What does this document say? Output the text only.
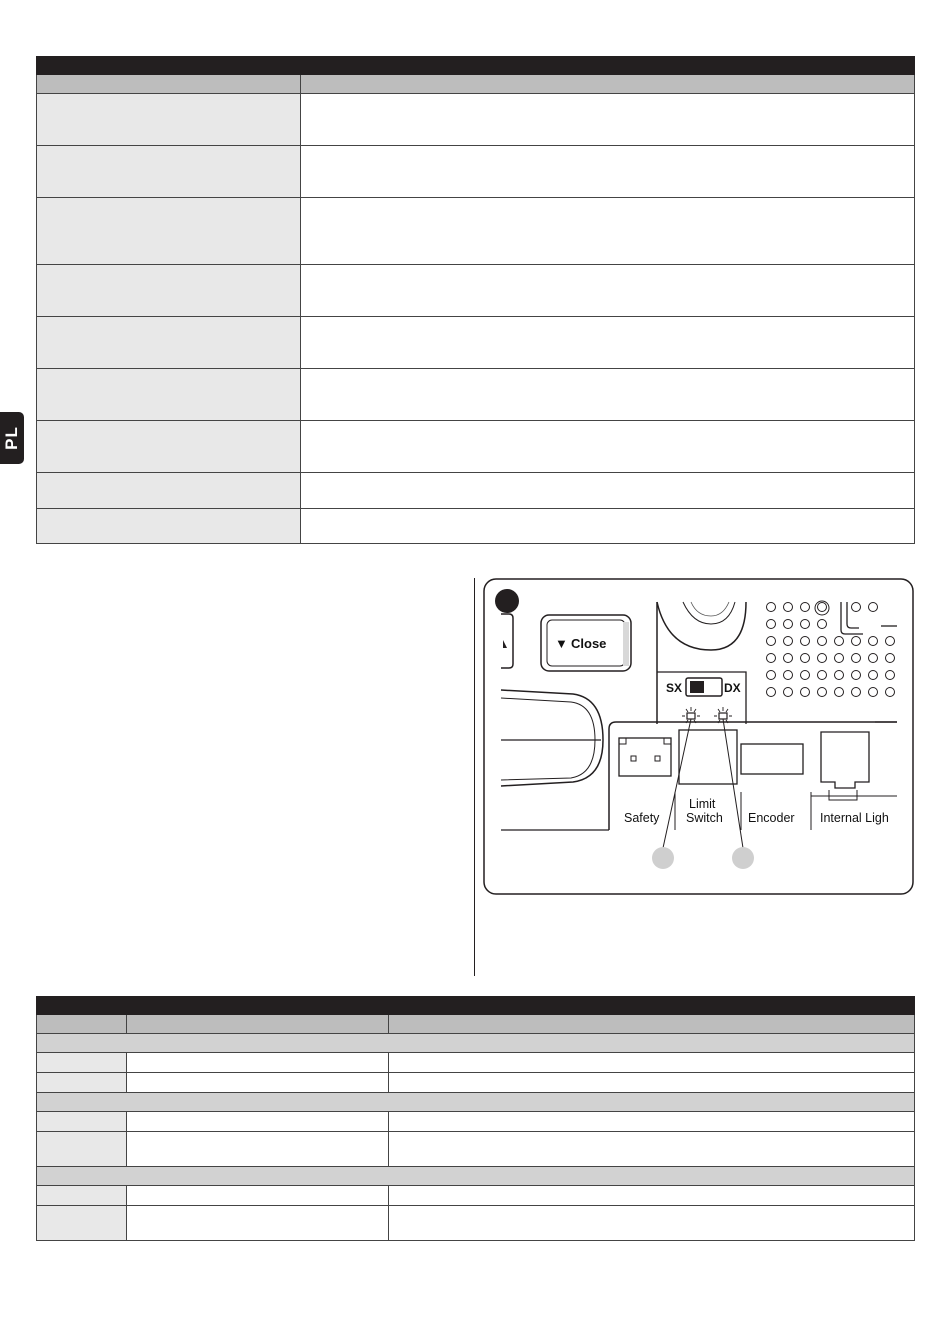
PL

▼ Close
SX	DX
Safety
Limit
Switch Encoder Internal Ligh
